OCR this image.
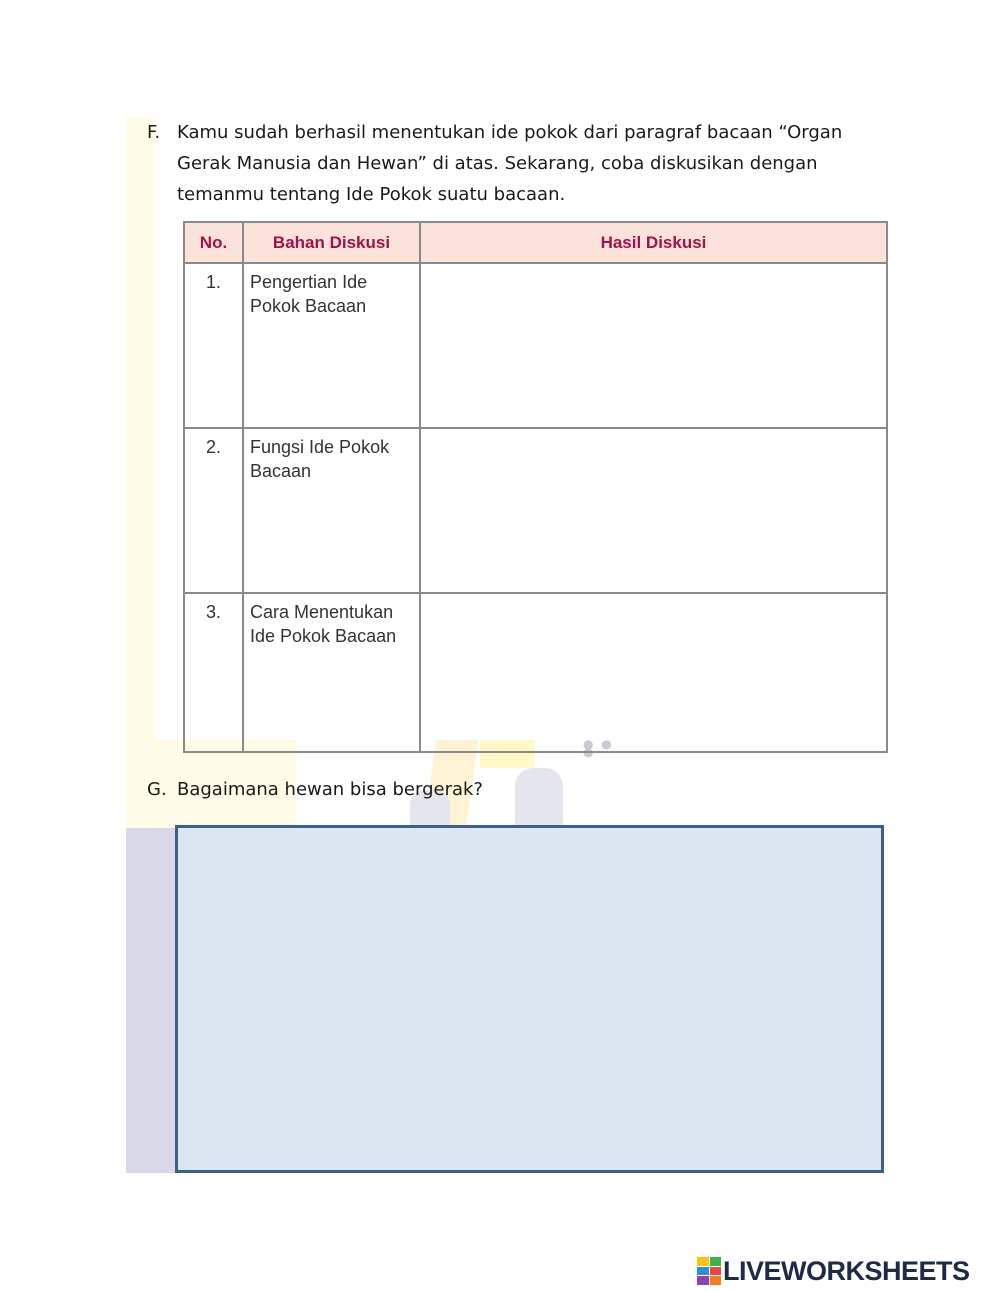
● ● ●
F. Kamu sudah berhasil menentukan ide pokok dari paragraf bacaan “Organ Gerak Manusia dan Hewan” di atas. Sekarang, coba diskusikan dengan temanmu tentang Ide Pokok suatu bacaan.
No.	Bahan Diskusi	Hasil Diskusi
1.	Pengertian Ide Pokok Bacaan	
2.	Fungsi Ide Pokok Bacaan	
3.	Cara Menentukan Ide Pokok Bacaan	
G. Bagaimana hewan bisa bergerak?
LIVEWORKSHEETS
